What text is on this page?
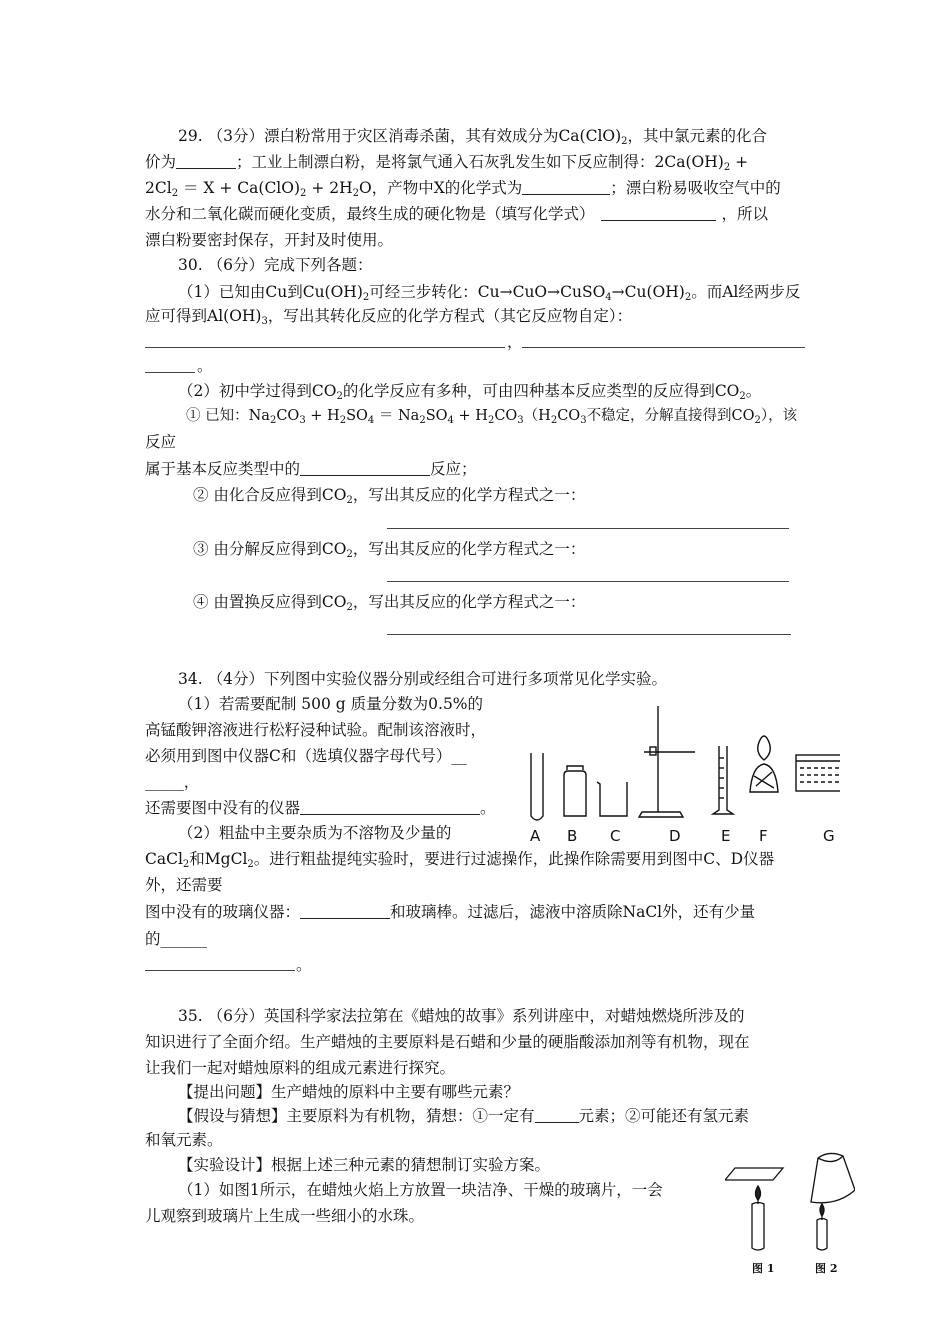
29. （3分）漂白粉常用于灾区消毒杀菌，其有效成分为$Ca(ClO)_2$，其中氯元素的化合
价为	；工业上制漂白粉，是将氯气通入石灰乳发生如下反应制得：$2Ca(OH)_2$ +
$2Cl_2 = X + Ca(ClO)_2 + 2H_2O$，产物中X的化学式为	；漂白粉易吸收空气中的
水分和二氧化碳而硬化变质，最终生成的硬化物是（填写化学式）	，所以
漂白粉要密封保存，开封及时使用。
30. （6分）完成下列各题：
（1）已知由Cu到$Cu(OH)_2$可经三步转化：$Cu\to CuO\to CuSO_4\to Cu(OH)_2$。而Al经两步反
应可得到$Al(OH)_3$，写出其转化反应的化学方程式（其它反应物自定）：
，
。
（2）初中学过得到$CO_2$的化学反应有多种，可由四种基本反应类型的反应得到$CO_2$。
① 已知：$Na_2CO_3 + H_2SO_4 = Na_2SO_4 + H_2CO_3(H_2CO_3$不稳定，分解直接得到$CO_2$），该
反应
属于基本反应类型中的	反应；
② 由化合反应得到$CO_2$，写出其反应的化学方程式之一：
③ 由分解反应得到$CO_2$，写出其反应的化学方程式之一：
④ 由置换反应得到$CO_2$，写出其反应的化学方程式之一：
34. （4分）下列图中实验仪器分别或经组合可进行多项常见化学实验。
（1）若需要配制 500 g 质量分数为0.5%的
高锰酸钾溶液进行松籽浸种试验。配制该溶液时，
必须用到图中仪器C和（选填仪器字母代号）__
_____，
还需要图中没有的仪器	。
（2）粗盐中主要杂质为不溶物及少量的
CaCl$_2$和MgCl$_2$。进行粗盐提纯实验时，要进行过滤操作，此操作除需要用到图中C、D仪器
外，还需要
图中没有的玻璃仪器：	和玻璃棒。过滤后，滤液中溶质除NaCl外，还有少量
的______
。
A B C	D	E F	G
35. （6分）英国科学家法拉第在《蜡烛的故事》系列讲座中，对蜡烛燃烧所涉及的
知识进行了全面介绍。生产蜡烛的主要原料是石蜡和少量的硬脂酸添加剂等有机物，现在
让我们一起对蜡烛原料的组成元素进行探究。
【提出问题】生产蜡烛的原料中主要有哪些元素？
【假设与猜想】主要原料为有机物，猜想：①一定有	元素；②可能还有氢元素
和氧元素。
【实验设计】根据上述三种元素的猜想制订实验方案。
（1）如图1所示，在蜡烛火焰上方放置一块洁净、干燥的玻璃片，一会
儿观察到玻璃片上生成一些细小的水珠。
图 1	图 2
